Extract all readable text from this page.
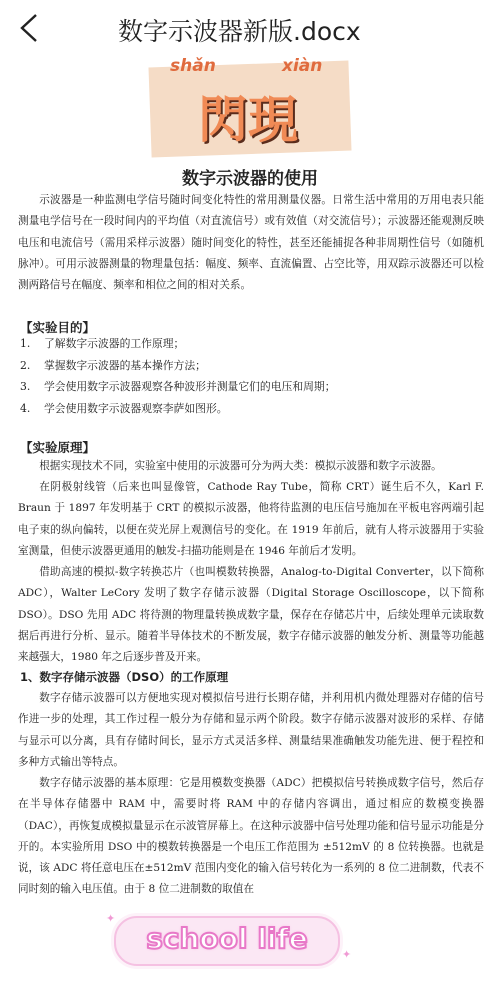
数字示波器新版.docx
shǎn	xiàn
閃現
数字示波器的使用

示波器是一种监测电学信号随时间变化特性的常用测量仪器。日常生活中常用的万用电表只能测量电学信号在一段时间内的平均值（对直流信号）或有效值（对交流信号）；示波器还能观测反映电压和电流信号（需用采样示波器）随时间变化的特性，甚至还能捕捉各种非周期性信号（如随机脉冲）。可用示波器测量的物理量包括：幅度、频率、直流偏置、占空比等，用双踪示波器还可以检测两路信号在幅度、频率和相位之间的相对关系。

【实验目的】
1. 了解数字示波器的工作原理；
2. 掌握数字示波器的基本操作方法；
3. 学会使用数字示波器观察各种波形并测量它们的电压和周期；
4. 学会使用数字示波器观察李萨如图形。
【实验原理】

根据实现技术不同，实验室中使用的示波器可分为两大类：模拟示波器和数字示波器。

在阴极射线管（后来也叫显像管，Cathode Ray Tube，简称 CRT）诞生后不久，Karl F. Braun 于 1897 年发明基于 CRT 的模拟示波器，他将待监测的电压信号施加在平板电容两端引起电子束的纵向偏转，以便在荧光屏上观测信号的变化。在 1919 年前后，就有人将示波器用于实验室测量，但使示波器更通用的触发-扫描功能则是在 1946 年前后才发明。

借助高速的模拟-数字转换芯片（也叫模数转换器，Analog-to-Digital Converter，以下简称 ADC），Walter LeCory 发明了数字存储示波器（Digital Storage Oscilloscope，以下简称 DSO）。DSO 先用 ADC 将待测的物理量转换成数字量，保存在存储芯片中，后续处理单元读取数据后再进行分析、显示。随着半导体技术的不断发展，数字存储示波器的触发分析、测量等功能越来越强大，1980 年之后逐步普及开来。

1、数字存储示波器（DSO）的工作原理

数字存储示波器可以方便地实现对模拟信号进行长期存储，并利用机内微处理器对存储的信号作进一步的处理，其工作过程一般分为存储和显示两个阶段。数字存储示波器对波形的采样、存储与显示可以分离，具有存储时间长，显示方式灵活多样、测量结果准确触发功能先进、便于程控和多种方式输出等特点。

数字存储示波器的基本原理：它是用模数变换器（ADC）把模拟信号转换成数字信号，然后存在半导体存储器中 RAM 中，需要时将 RAM 中的存储内容调出，通过相应的数模变换器（DAC），再恢复成模拟量显示在示波管屏幕上。在这种示波器中信号处理功能和信号显示功能是分开的。本实验所用 DSO 中的模数转换器是一个电压工作范围为 ±512mV 的 8 位转换器。也就是说，该 ADC 将任意电压在±512mV 范围内变化的输入信号转化为一系列的 8 位二进制数，代表不同时刻的输入电压值。由于 8 位二进制数的取值在

school life
✦
✦
